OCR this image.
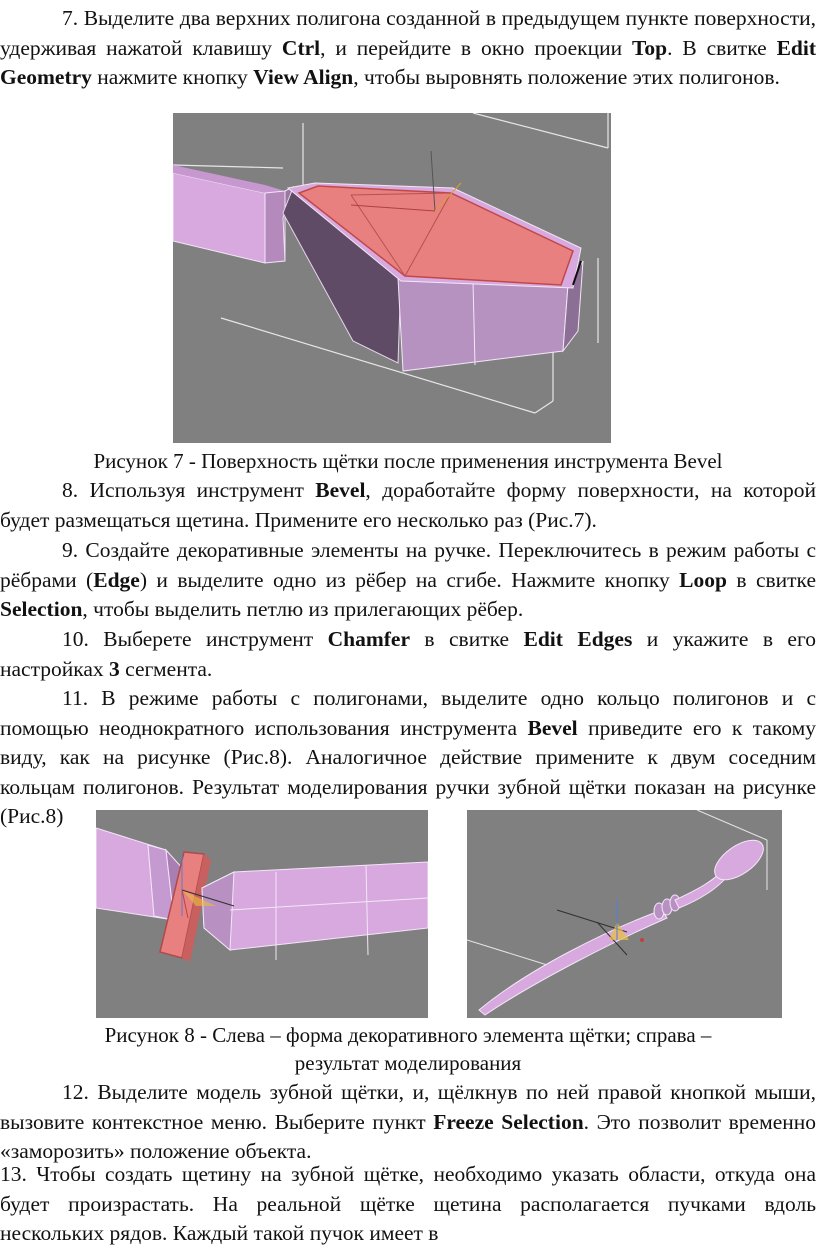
7. Выделите два верхних полигона созданной в предыдущем пункте поверхности, удерживая нажатой клавишу Ctrl, и перейдите в окно проекции Top. В свитке Edit Geometry нажмите кнопку View Align, чтобы выровнять положение этих полигонов.

Рисунок 7 - Поверхность щётки после применения инструмента Bevel

8. Используя инструмент Bevel, доработайте форму поверхности, на которой будет размещаться щетина. Примените его несколько раз (Рис.7).

9. Создайте декоративные элементы на ручке. Переключитесь в режим работы с рёбрами (Edge) и выделите одно из рёбер на сгибе. Нажмите кнопку Loop в свитке Selection, чтобы выделить петлю из прилегающих рёбер.

10. Выберете инструмент Chamfer в свитке Edit Edges и укажите в его настройках 3 сегмента.

11. В режиме работы с полигонами, выделите одно кольцо полигонов и с помощью неоднократного использования инструмента Bevel приведите его к такому виду, как на рисунке (Рис.8). Аналогичное действие примените к двум соседним кольцам полигонов. Результат моделирования ручки зубной щётки показан на рисунке (Рис.8)

Рисунок 8 - Слева – форма декоративного элемента щётки; справа –

результат моделирования

12. Выделите модель зубной щётки, и, щёлкнув по ней правой кнопкой мыши, вызовите контекстное меню. Выберите пункт Freeze Selection. Это позволит временно «заморозить» положение объекта.

13. Чтобы создать щетину на зубной щётке, необходимо указать области, откуда она будет произрастать. На реальной щётке щетина располагается пучками вдоль нескольких рядов. Каждый такой пучок имеет в
